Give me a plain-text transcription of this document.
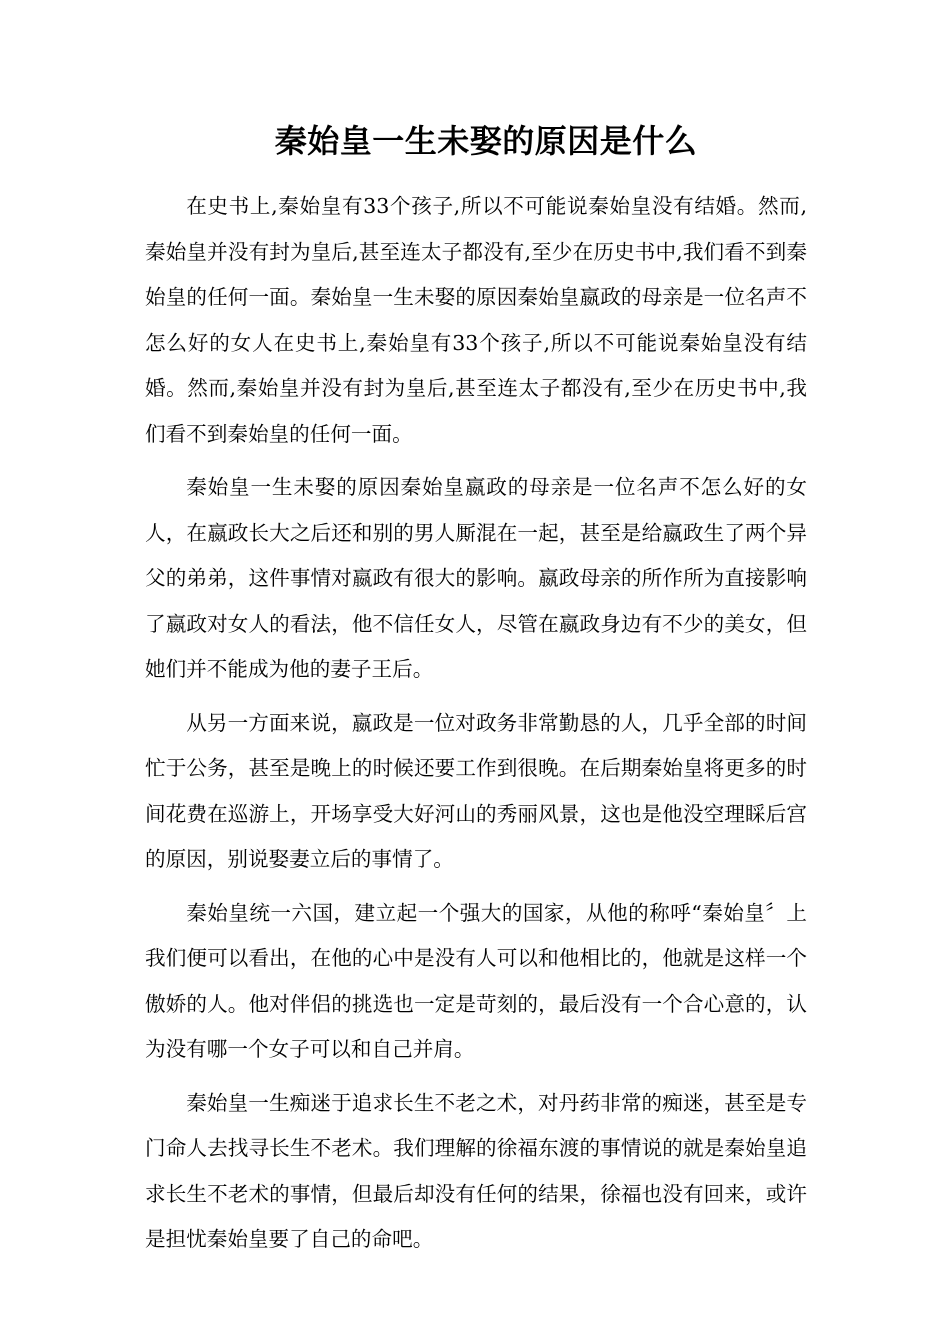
秦始皇一生未娶的原因是什么

在史书上,秦始皇有33个孩子,所以不可能说秦始皇没有结婚。然而,秦始皇并没有封为皇后,甚至连太子都没有,至少在历史书中,我们看不到秦始皇的任何一面。秦始皇一生未娶的原因秦始皇嬴政的母亲是一位名声不怎么好的女人在史书上,秦始皇有33个孩子,所以不可能说秦始皇没有结婚。然而,秦始皇并没有封为皇后,甚至连太子都没有,至少在历史书中,我们看不到秦始皇的任何一面。

秦始皇一生未娶的原因秦始皇嬴政的母亲是一位名声不怎么好的女人，在嬴政长大之后还和别的男人厮混在一起，甚至是给嬴政生了两个异父的弟弟，这件事情对嬴政有很大的影响。嬴政母亲的所作所为直接影响了嬴政对女人的看法，他不信任女人，尽管在嬴政身边有不少的美女，但她们并不能成为他的妻子王后。

从另一方面来说，嬴政是一位对政务非常勤恳的人，几乎全部的时间忙于公务，甚至是晚上的时候还要工作到很晚。在后期秦始皇将更多的时间花费在巡游上，开场享受大好河山的秀丽风景，这也是他没空理睬后宫的原因，别说娶妻立后的事情了。

秦始皇统一六国，建立起一个强大的国家，从他的称呼“秦始皇〞上我们便可以看出，在他的心中是没有人可以和他相比的，他就是这样一个傲娇的人。他对伴侣的挑选也一定是苛刻的，最后没有一个合心意的，认为没有哪一个女子可以和自己并肩。

秦始皇一生痴迷于追求长生不老之术，对丹药非常的痴迷，甚至是专门命人去找寻长生不老术。我们理解的徐福东渡的事情说的就是秦始皇追求长生不老术的事情，但最后却没有任何的结果，徐福也没有回来，或许是担忧秦始皇要了自己的命吧。
